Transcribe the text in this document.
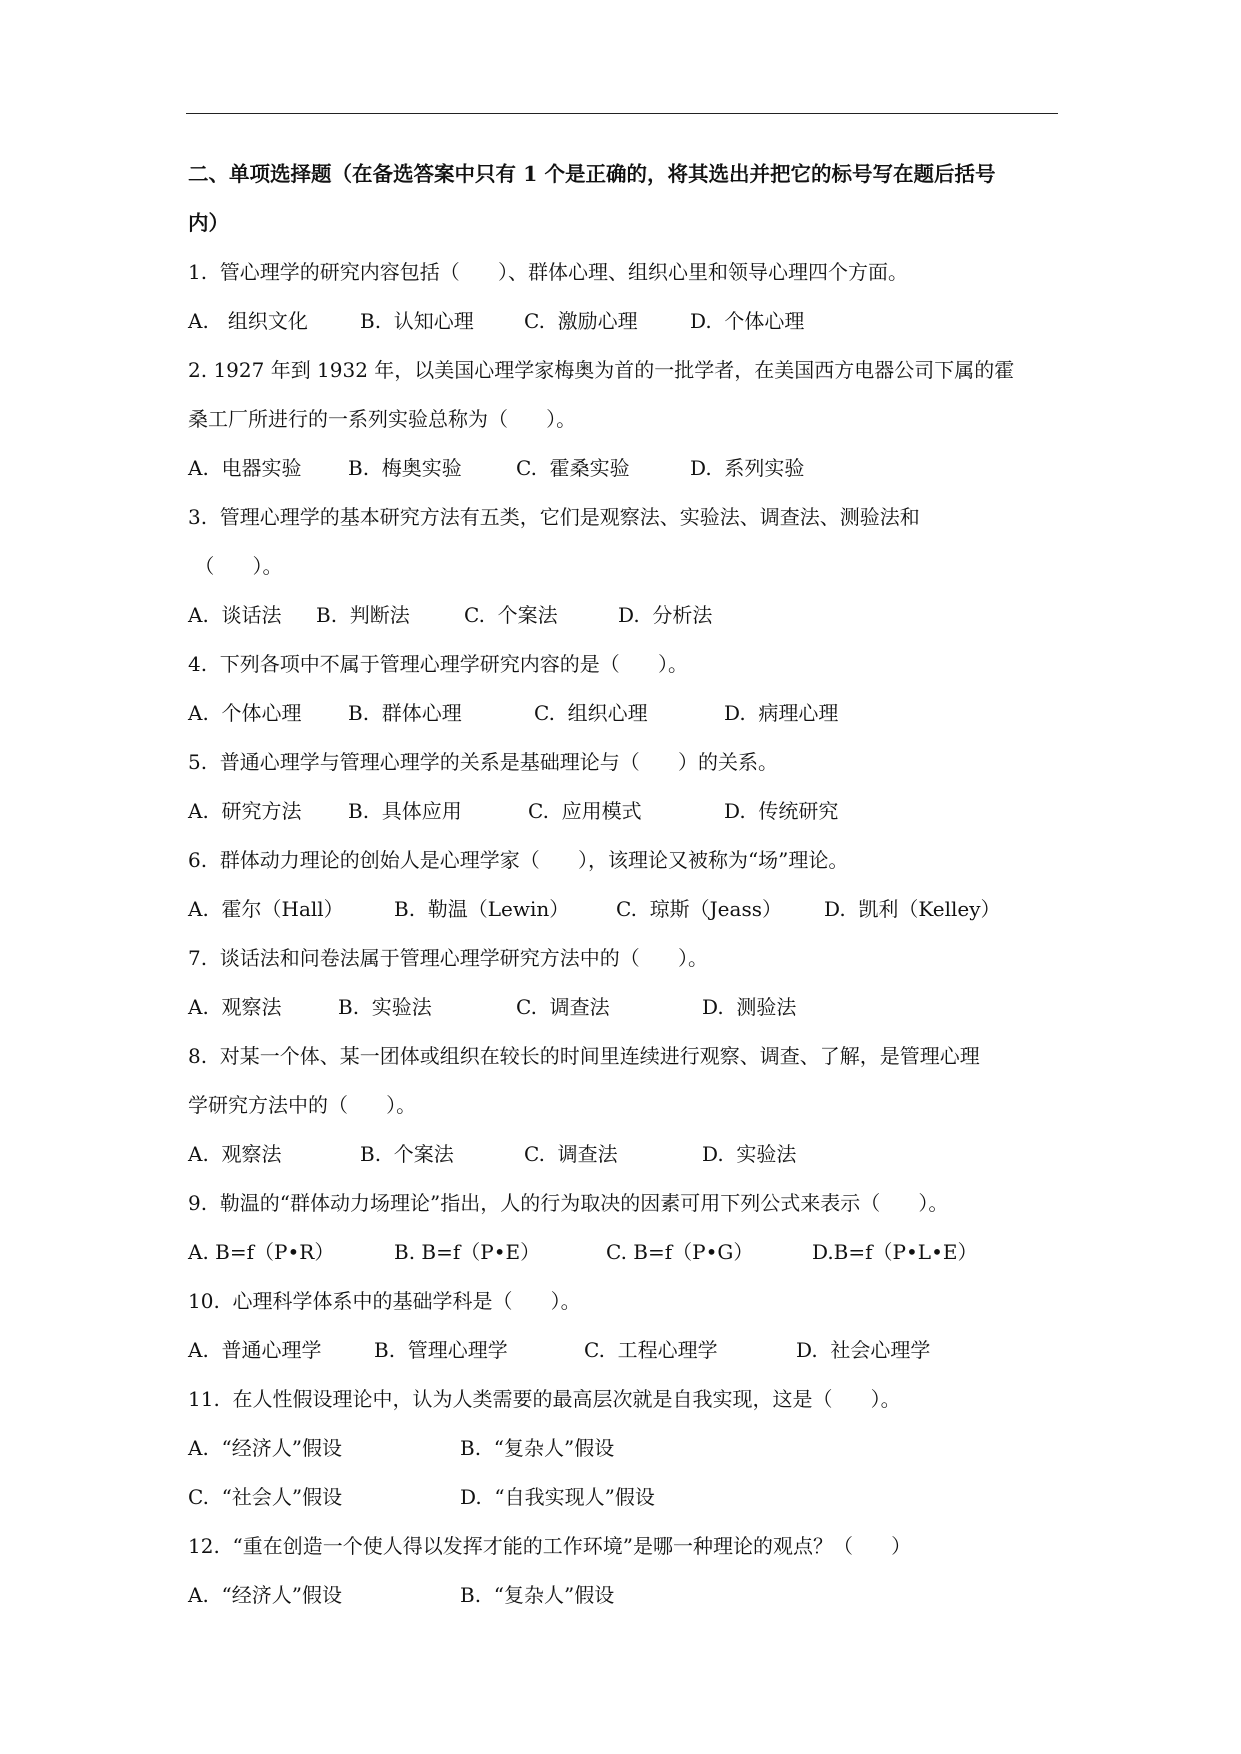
二、单项选择题（在备选答案中只有 1 个是正确的，将其选出并把它的标号写在题后括号
内）
1.  管心理学的研究内容包括（      ）、群体心理、组织心里和领导心理四个方面。
A.   组织文化	B.  认知心理	C.  激励心理	D.  个体心理
2. 1927 年到 1932 年，以美国心理学家梅奥为首的一批学者，在美国西方电器公司下属的霍
桑工厂所进行的一系列实验总称为（      ）。
A.  电器实验 B.  梅奥实验	C.  霍桑实验	D.  系列实验
3.  管理心理学的基本研究方法有五类，它们是观察法、实验法、调查法、测验法和
（      ）。
A.  谈话法 B.  判断法	C.  个案法	D.  分析法
4.  下列各项中不属于管理心理学研究内容的是（      ）。
A.  个体心理 B.  群体心理	C.  组织心理	D.  病理心理
5.  普通心理学与管理心理学的关系是基础理论与（      ）的关系。
A.  研究方法 B.  具体应用	C.  应用模式	D.  传统研究
6.  群体动力理论的创始人是心理学家（      ），该理论又被称为“场”理论。
A.  霍尔（Hall）	B.  勒温（Lewin） C.  琼斯（Jeass） D.  凯利（Kelley）
7.  谈话法和问卷法属于管理心理学研究方法中的（      ）。
A.  观察法	B.  实验法	C.  调查法	D.  测验法
8.  对某一个体、某一团体或组织在较长的时间里连续进行观察、调查、了解，是管理心理
学研究方法中的（      ）。
A.  观察法	B.  个案法	C.  调查法	D.  实验法
9.  勒温的“群体动力场理论”指出，人的行为取决的因素可用下列公式来表示（      ）。
A. B=f（P•R）	B. B=f（P•E）	C. B=f（P•G）	D.B=f（P•L•E）
10.  心理科学体系中的基础学科是（      ）。
A.  普通心理学	B.  管理心理学	C.  工程心理学	D.  社会心理学
11.  在人性假设理论中，认为人类需要的最高层次就是自我实现，这是（      ）。
A.  “经济人”假设	B.  “复杂人”假设
C.  “社会人”假设	D.  “自我实现人”假设
12.  “重在创造一个使人得以发挥才能的工作环境”是哪一种理论的观点？（      ）
A.  “经济人”假设	B.  “复杂人”假设
